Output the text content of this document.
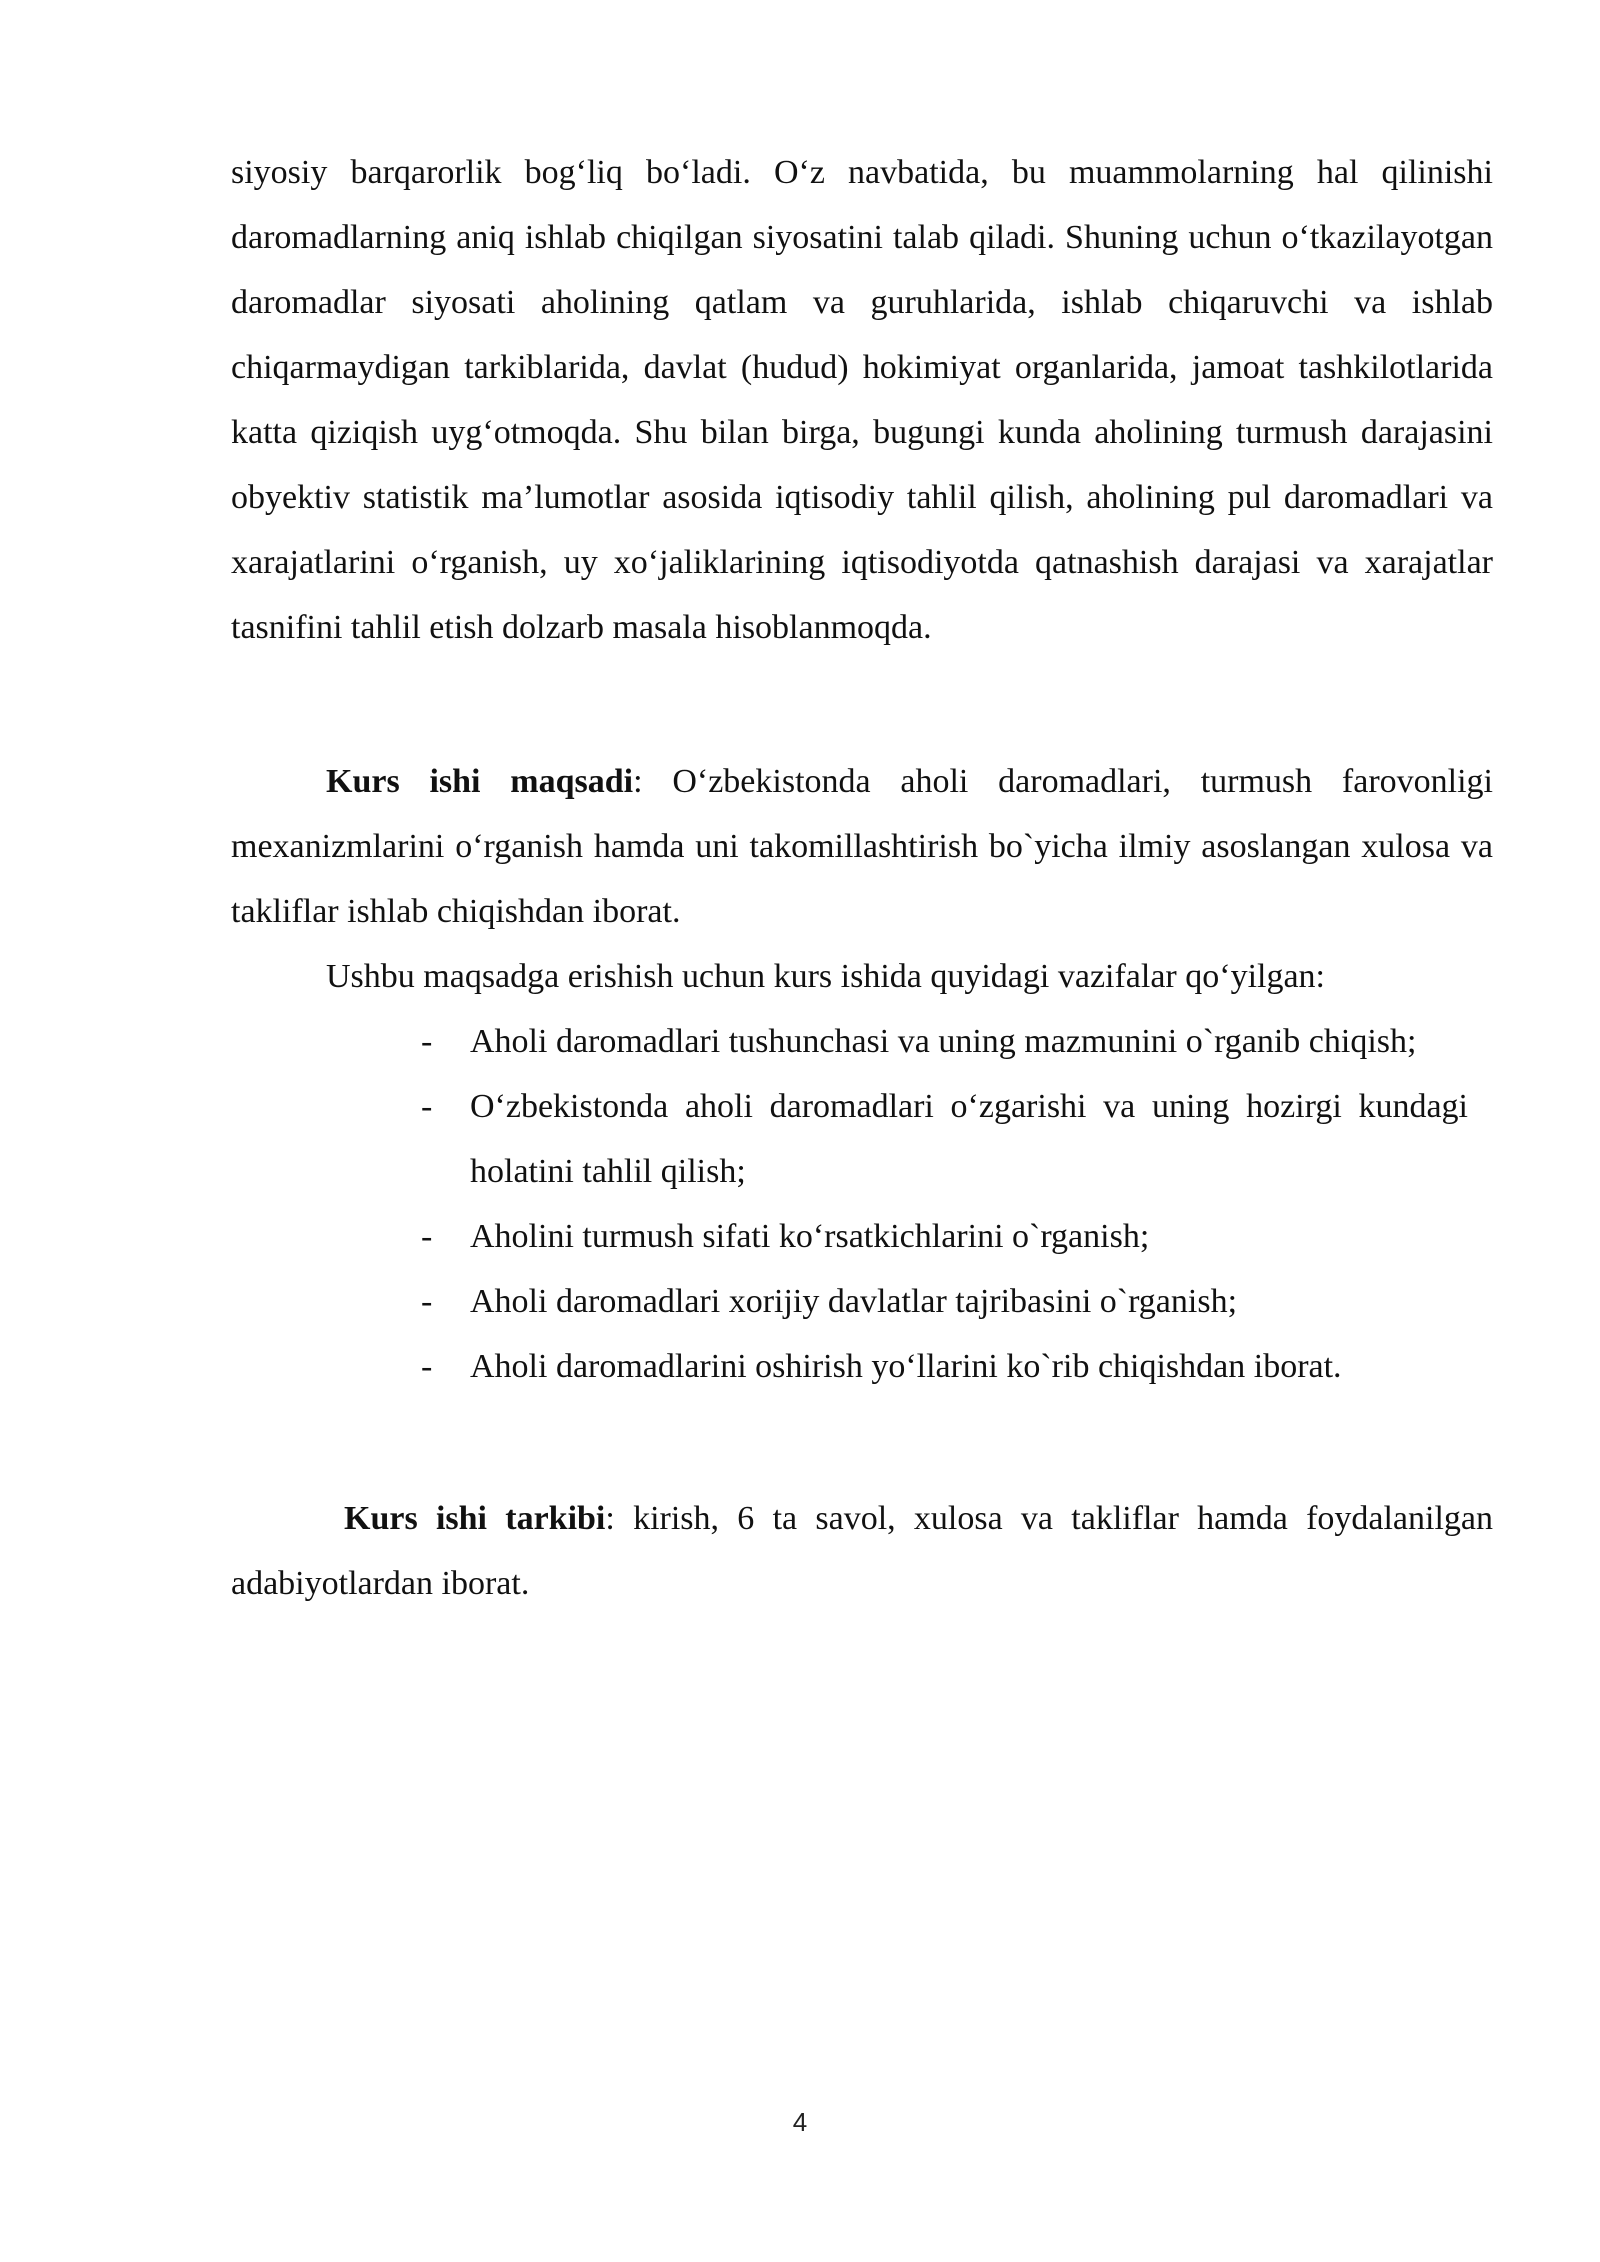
siyosiy barqarorlik bog‘liq bo‘ladi. O‘z navbatida, bu muammolarning hal qilinishi daromadlarning aniq ishlab chiqilgan siyosatini talab qiladi. Shuning uchun o‘tkazilayotgan daromadlar siyosati aholining qatlam va guruhlarida, ishlab chiqaruvchi va ishlab chiqarmaydigan tarkiblarida, davlat (hudud) hokimiyat organlarida, jamoat tashkilotlarida katta qiziqish uyg‘otmoqda. Shu bilan birga, bugungi kunda aholining turmush darajasini obyektiv statistik ma’lumotlar asosida iqtisodiy tahlil qilish, aholining pul daromadlari va xarajatlarini o‘rganish, uy xo‘jaliklarining iqtisodiyotda qatnashish darajasi va xarajatlar tasnifini tahlil etish dolzarb masala hisoblanmoqda.

Kurs ishi maqsadi: O‘zbekistonda aholi daromadlari, turmush farovonligi mexanizmlarini o‘rganish hamda uni takomillashtirish bo`yicha ilmiy asoslangan xulosa va takliflar ishlab chiqishdan iborat.

Ushbu maqsadga erishish uchun kurs ishida quyidagi vazifalar qo‘yilgan:

- Aholi daromadlari tushunchasi va uning mazmunini o`rganib chiqish;
- O‘zbekistonda aholi daromadlari o‘zgarishi va uning hozirgi kundagi holatini tahlil qilish;
- Aholini turmush sifati ko‘rsatkichlarini o`rganish;
- Aholi daromadlari xorijiy davlatlar tajribasini o`rganish;
- Aholi daromadlarini oshirish yo‘llarini ko`rib chiqishdan iborat.

Kurs ishi tarkibi: kirish, 6 ta savol, xulosa va takliflar hamda foydalanilgan adabiyotlardan iborat.

4
